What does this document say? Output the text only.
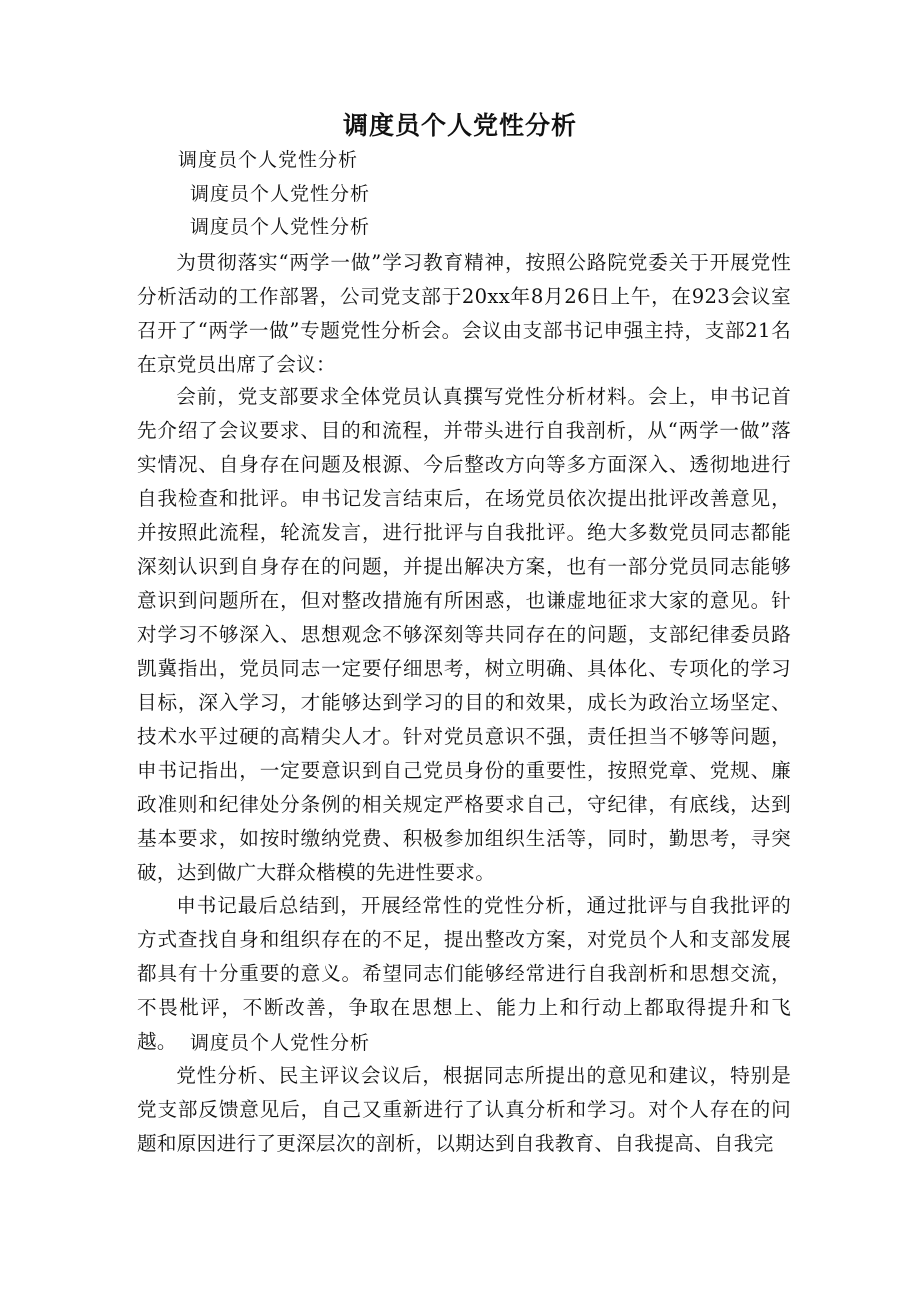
调度员个人党性分析
调度员个人党性分析
调度员个人党性分析
调度员个人党性分析

为贯彻落实“两学一做”学习教育精神，按照公路院党委关于开展党性分析活动的工作部署，公司党支部于20xx年8月26日上午，在923会议室召开了“两学一做”专题党性分析会。会议由支部书记申强主持，支部21名在京党员出席了会议：

会前，党支部要求全体党员认真撰写党性分析材料。会上，申书记首先介绍了会议要求、目的和流程，并带头进行自我剖析，从“两学一做”落实情况、自身存在问题及根源、今后整改方向等多方面深入、透彻地进行自我检查和批评。申书记发言结束后，在场党员依次提出批评改善意见，并按照此流程，轮流发言，进行批评与自我批评。绝大多数党员同志都能深刻认识到自身存在的问题，并提出解决方案，也有一部分党员同志能够意识到问题所在，但对整改措施有所困惑，也谦虚地征求大家的意见。针对学习不够深入、思想观念不够深刻等共同存在的问题，支部纪律委员路凯冀指出，党员同志一定要仔细思考，树立明确、具体化、专项化的学习目标，深入学习，才能够达到学习的目的和效果，成长为政治立场坚定、技术水平过硬的高精尖人才。针对党员意识不强，责任担当不够等问题，申书记指出，一定要意识到自己党员身份的重要性，按照党章、党规、廉政准则和纪律处分条例的相关规定严格要求自己，守纪律，有底线，达到基本要求，如按时缴纳党费、积极参加组织生活等，同时，勤思考，寻突破，达到做广大群众楷模的先进性要求。

申书记最后总结到，开展经常性的党性分析，通过批评与自我批评的方式查找自身和组织存在的不足，提出整改方案，对党员个人和支部发展都具有十分重要的意义。希望同志们能够经常进行自我剖析和思想交流，不畏枇评，不断改善，争取在思想上、能力上和行动上都取得提升和飞越。 调度员个人党性分析

党性分析、民主评议会议后，根据同志所提出的意见和建议，特别是党支部反馈意见后，自己又重新进行了认真分析和学习。对个人存在的问题和原因进行了更深层次的剖析，以期达到自我教育、自我提高、自我完
